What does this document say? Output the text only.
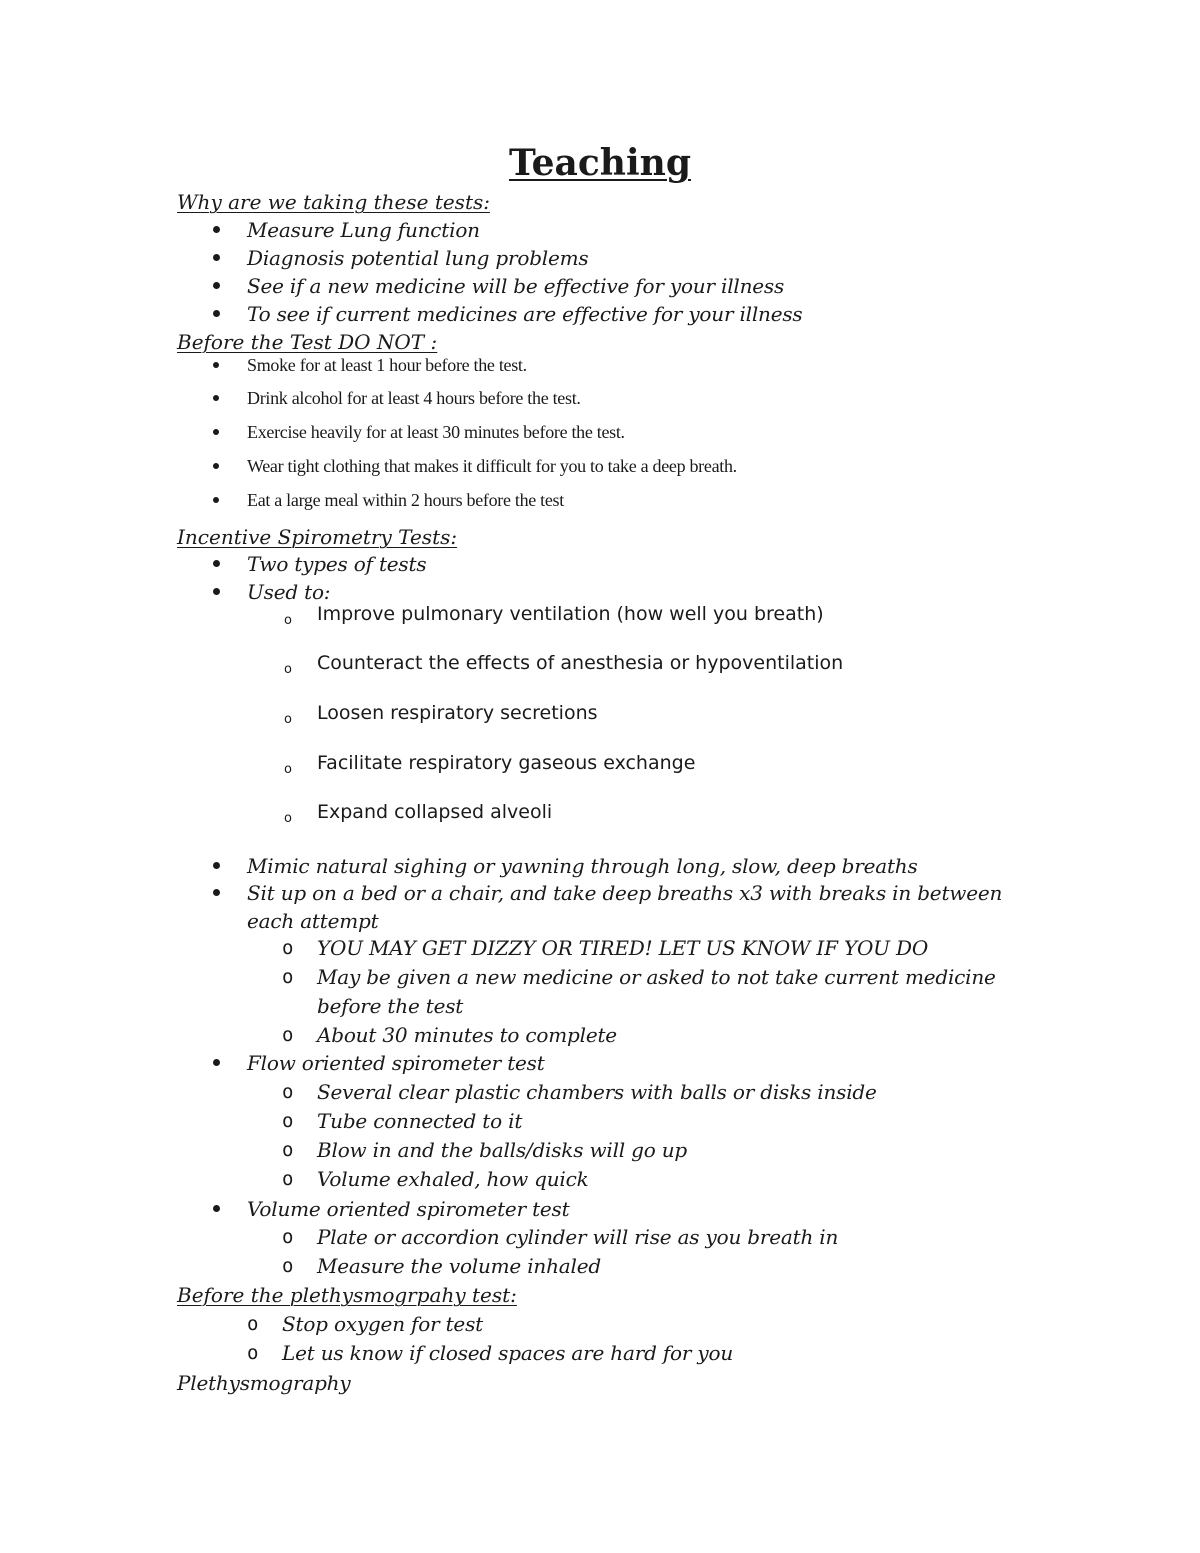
Teaching
Why are we taking these tests:
Measure Lung function
Diagnosis potential lung problems
See if a new medicine will be effective for your illness
To see if current medicines are effective for your illness
Before the Test DO NOT :
Smoke for at least 1 hour before the test.
Drink alcohol for at least 4 hours before the test.
Exercise heavily for at least 30 minutes before the test.
Wear tight clothing that makes it difficult for you to take a deep breath.
Eat a large meal within 2 hours before the test
Incentive Spirometry Tests:
Two types of tests
Used to:
o Improve pulmonary ventilation (how well you breath)
o Counteract the effects of anesthesia or hypoventilation
o Loosen respiratory secretions
o Facilitate respiratory gaseous exchange
o Expand collapsed alveoli
Mimic natural sighing or yawning through long, slow, deep breaths
Sit up on a bed or a chair, and take deep breaths x3 with breaks in between
each attempt
o YOU MAY GET DIZZY OR TIRED! LET US KNOW IF YOU DO
o May be given a new medicine or asked to not take current medicine
before the test
o About 30 minutes to complete
Flow oriented spirometer test
o Several clear plastic chambers with balls or disks inside
o Tube connected to it
o Blow in and the balls/disks will go up
o Volume exhaled, how quick
Volume oriented spirometer test
o Plate or accordion cylinder will rise as you breath in
o Measure the volume inhaled
Before the plethysmogrpahy test:
o Stop oxygen for test
o Let us know if closed spaces are hard for you
Plethysmography
